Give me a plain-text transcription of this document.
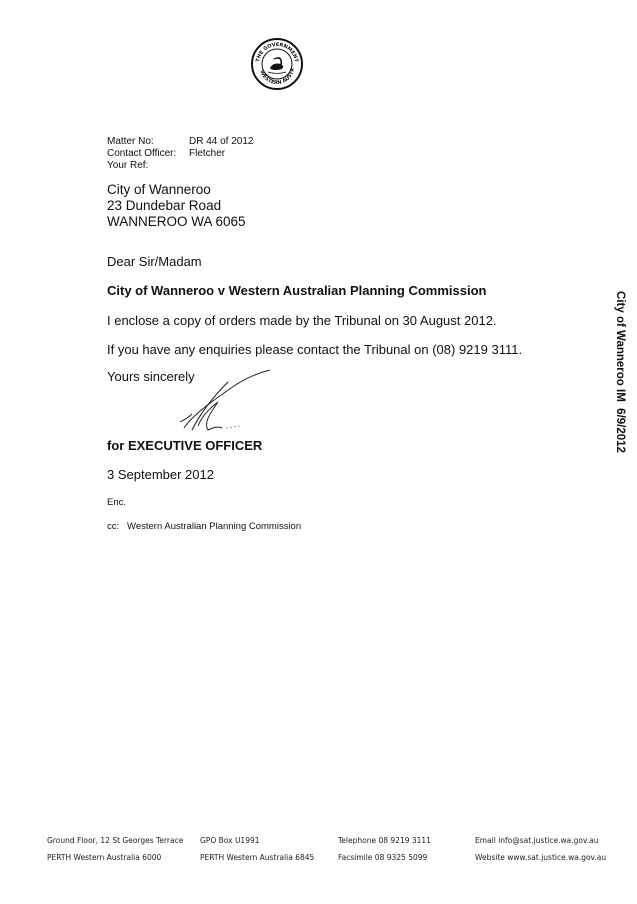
THE GOVERNMENT
WESTERN AUSTR
Matter No:	DR 44 of 2012
Contact Officer:	Fletcher
Your Ref:
City of Wanneroo
23 Dundebar Road
WANNEROO WA 6065
Dear Sir/Madam
City of Wanneroo v Western Australian Planning Commission
I enclose a copy of orders made by the Tribunal on 30 August 2012.
If you have any enquiries please contact the Tribunal on (08) 9219 3111.
Yours sincerely
for EXECUTIVE OFFICER
3 September 2012
Enc.
cc:   Western Australian Planning Commission
City of Wanneroo IM  6/9/2012
Ground Floor, 12 St Georges Terrace
PERTH Western Australia 6000
GPO Box U1991
PERTH Western Australia 6845
Telephone 08 9219 3111
Facsimile 08 9325 5099
Email info@sat.justice.wa.gov.au
Website www.sat.justice.wa.gov.au
